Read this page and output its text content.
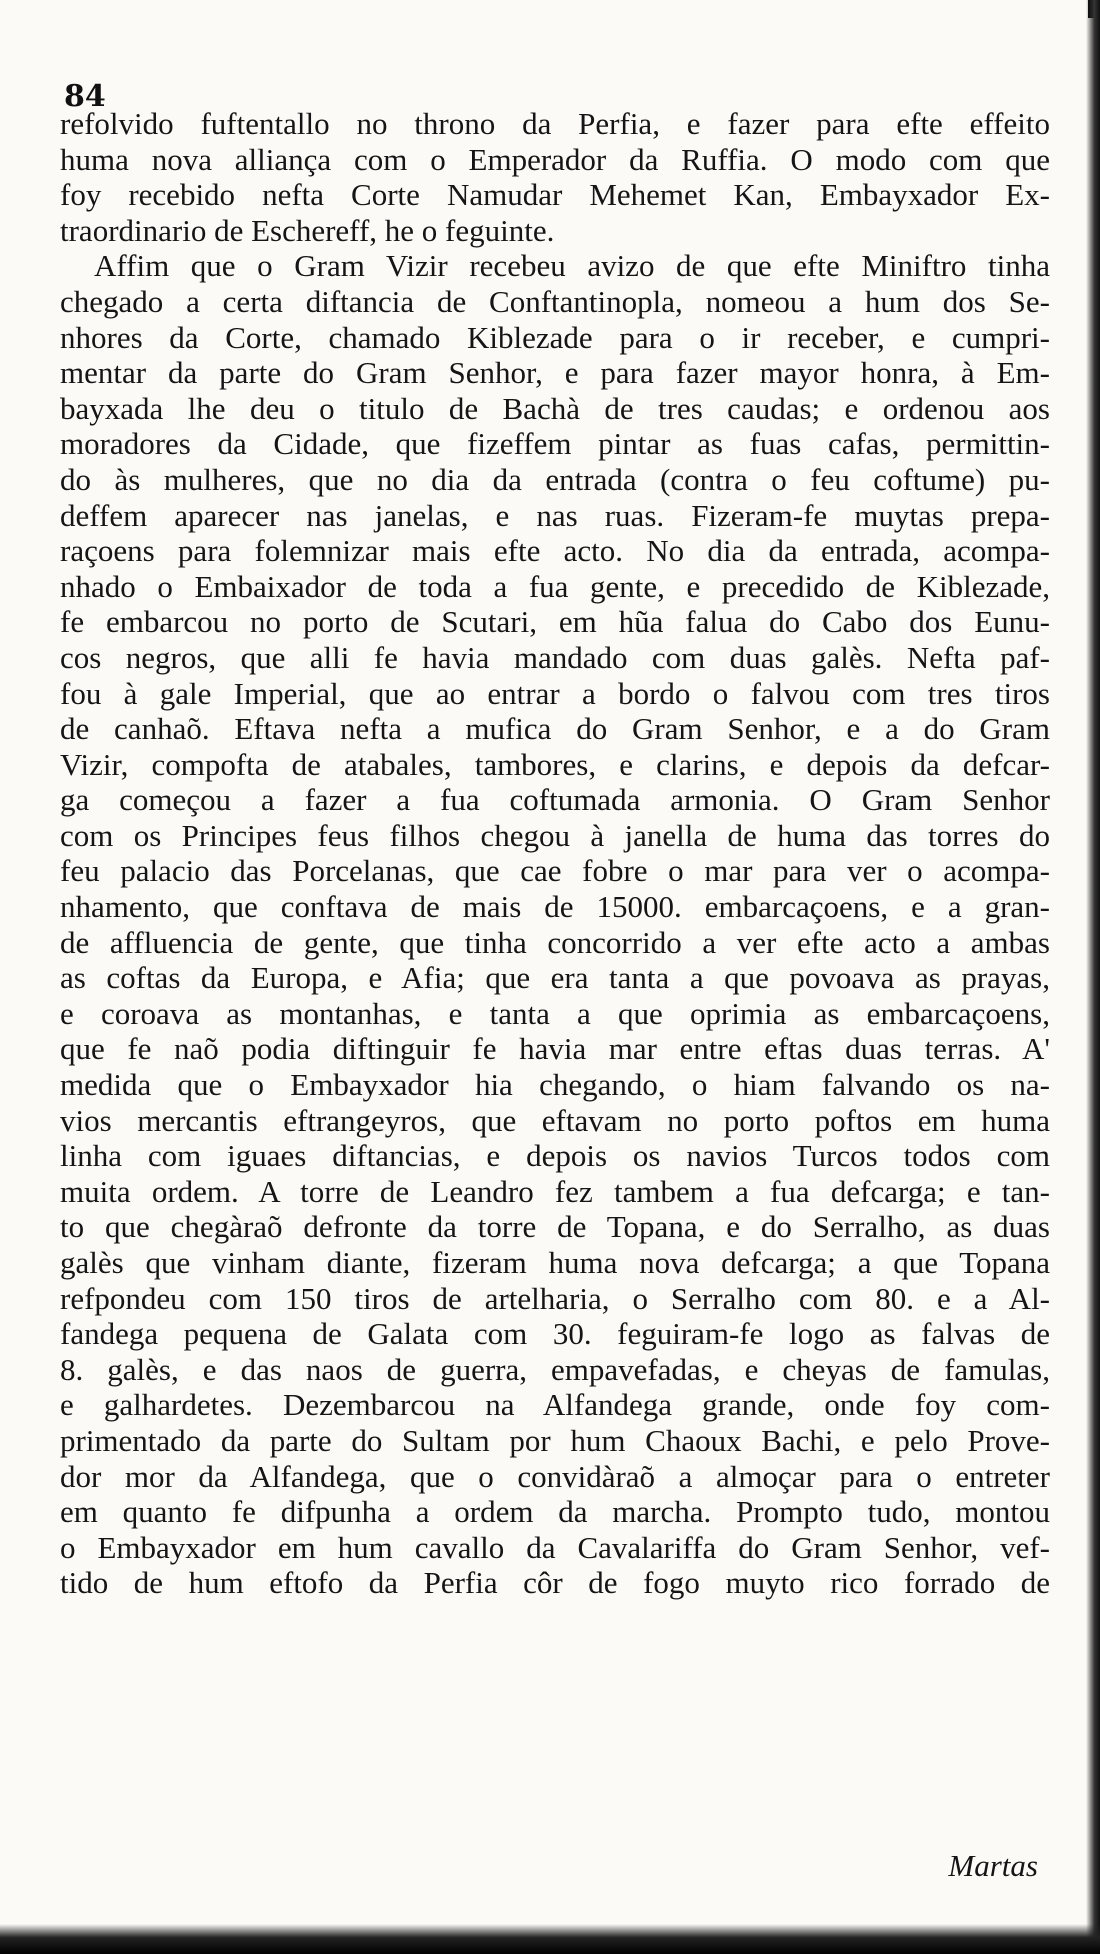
84
refolvido fuftentallo no throno da Perfia, e fazer para efte effeito
huma nova alliança com o Emperador da Ruffia. O modo com que
foy recebido nefta Corte Namudar Mehemet Kan, Embayxador Ex-
traordinario de Eschereff, he o feguinte.
Affim que o Gram Vizir recebeu avizo de que efte Miniftro tinha
chegado a certa diftancia de Conftantinopla, nomeou a hum dos Se-
nhores da Corte, chamado Kiblezade para o ir receber, e cumpri-
mentar da parte do Gram Senhor, e para fazer mayor honra, à Em-
bayxada lhe deu o titulo de Bachà de tres caudas; e ordenou aos
moradores da Cidade, que fizeffem pintar as fuas cafas, permittin-
do às mulheres, que no dia da entrada (contra o feu coftume) pu-
deffem aparecer nas janelas, e nas ruas. Fizeram-fe muytas prepa-
raçoens para folemnizar mais efte acto. No dia da entrada, acompa-
nhado o Embaixador de toda a fua gente, e precedido de Kiblezade,
fe embarcou no porto de Scutari, em hũa falua do Cabo dos Eunu-
cos negros, que alli fe havia mandado com duas galès. Nefta paf-
fou à gale Imperial, que ao entrar a bordo o falvou com tres tiros
de canhaõ. Eftava nefta a mufica do Gram Senhor, e a do Gram
Vizir, compofta de atabales, tambores, e clarins, e depois da defcar-
ga começou a fazer a fua coftumada armonia. O Gram Senhor
com os Principes feus filhos chegou à janella de huma das torres do
feu palacio das Porcelanas, que cae fobre o mar para ver o acompa-
nhamento, que conftava de mais de 15000. embarcaçoens, e a gran-
de affluencia de gente, que tinha concorrido a ver efte acto a ambas
as coftas da Europa, e Afia; que era tanta a que povoava as prayas,
e coroava as montanhas, e tanta a que oprimia as embarcaçoens,
que fe naõ podia diftinguir fe havia mar entre eftas duas terras. A'
medida que o Embayxador hia chegando, o hiam falvando os na-
vios mercantis eftrangeyros, que eftavam no porto poftos em huma
linha com iguaes diftancias, e depois os navios Turcos todos com
muita ordem. A torre de Leandro fez tambem a fua defcarga; e tan-
to que chegàraõ defronte da torre de Topana, e do Serralho, as duas
galès que vinham diante, fizeram huma nova defcarga; a que Topana
refpondeu com 150 tiros de artelharia, o Serralho com 80. e a Al-
fandega pequena de Galata com 30. feguiram-fe logo as falvas de
8. galès, e das naos de guerra, empavefadas, e cheyas de famulas,
e galhardetes. Dezembarcou na Alfandega grande, onde foy com-
primentado da parte do Sultam por hum Chaoux Bachi, e pelo Prove-
dor mor da Alfandega, que o convidàraõ a almoçar para o entreter
em quanto fe difpunha a ordem da marcha. Prompto tudo, montou
o Embayxador em hum cavallo da Cavalariffa do Gram Senhor, vef-
tido de hum eftofo da Perfia côr de fogo muyto rico forrado de
Martas
